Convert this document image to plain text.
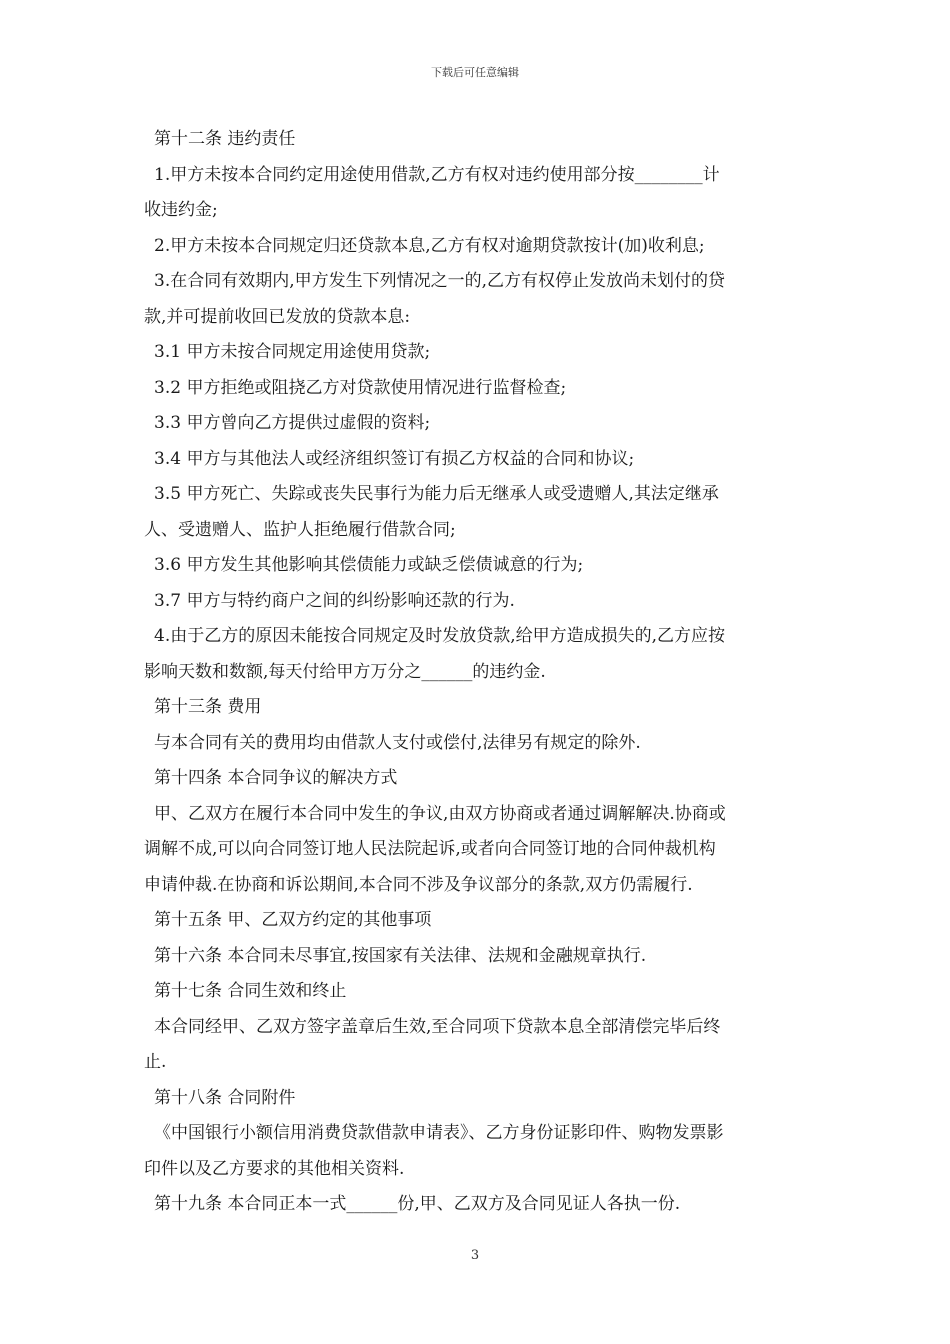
下载后可任意编辑
第十二条 违约责任
1.甲方未按本合同约定用途使用借款,乙方有权对违约使用部分按________计
收违约金;
2.甲方未按本合同规定归还贷款本息,乙方有权对逾期贷款按计(加)收利息;
3.在合同有效期内,甲方发生下列情况之一的,乙方有权停止发放尚未划付的贷
款,并可提前收回已发放的贷款本息:
3.1 甲方未按合同规定用途使用贷款;
3.2 甲方拒绝或阻挠乙方对贷款使用情况进行监督检查;
3.3 甲方曾向乙方提供过虚假的资料;
3.4 甲方与其他法人或经济组织签订有损乙方权益的合同和协议;
3.5 甲方死亡、失踪或丧失民事行为能力后无继承人或受遗赠人,其法定继承
人、受遗赠人、监护人拒绝履行借款合同;
3.6 甲方发生其他影响其偿债能力或缺乏偿债诚意的行为;
3.7 甲方与特约商户之间的纠纷影响还款的行为.
4.由于乙方的原因未能按合同规定及时发放贷款,给甲方造成损失的,乙方应按
影响天数和数额,每天付给甲方万分之______的违约金.
第十三条 费用
与本合同有关的费用均由借款人支付或偿付,法律另有规定的除外.
第十四条 本合同争议的解决方式
甲、乙双方在履行本合同中发生的争议,由双方协商或者通过调解解决.协商或
调解不成,可以向合同签订地人民法院起诉,或者向合同签订地的合同仲裁机构
申请仲裁.在协商和诉讼期间,本合同不涉及争议部分的条款,双方仍需履行.
第十五条 甲、乙双方约定的其他事项
第十六条 本合同未尽事宜,按国家有关法律、法规和金融规章执行.
第十七条 合同生效和终止
本合同经甲、乙双方签字盖章后生效,至合同项下贷款本息全部清偿完毕后终
止.
第十八条 合同附件
《中国银行小额信用消费贷款借款申请表》、乙方身份证影印件、购物发票影
印件以及乙方要求的其他相关资料.
第十九条 本合同正本一式______份,甲、乙双方及合同见证人各执一份.
3
